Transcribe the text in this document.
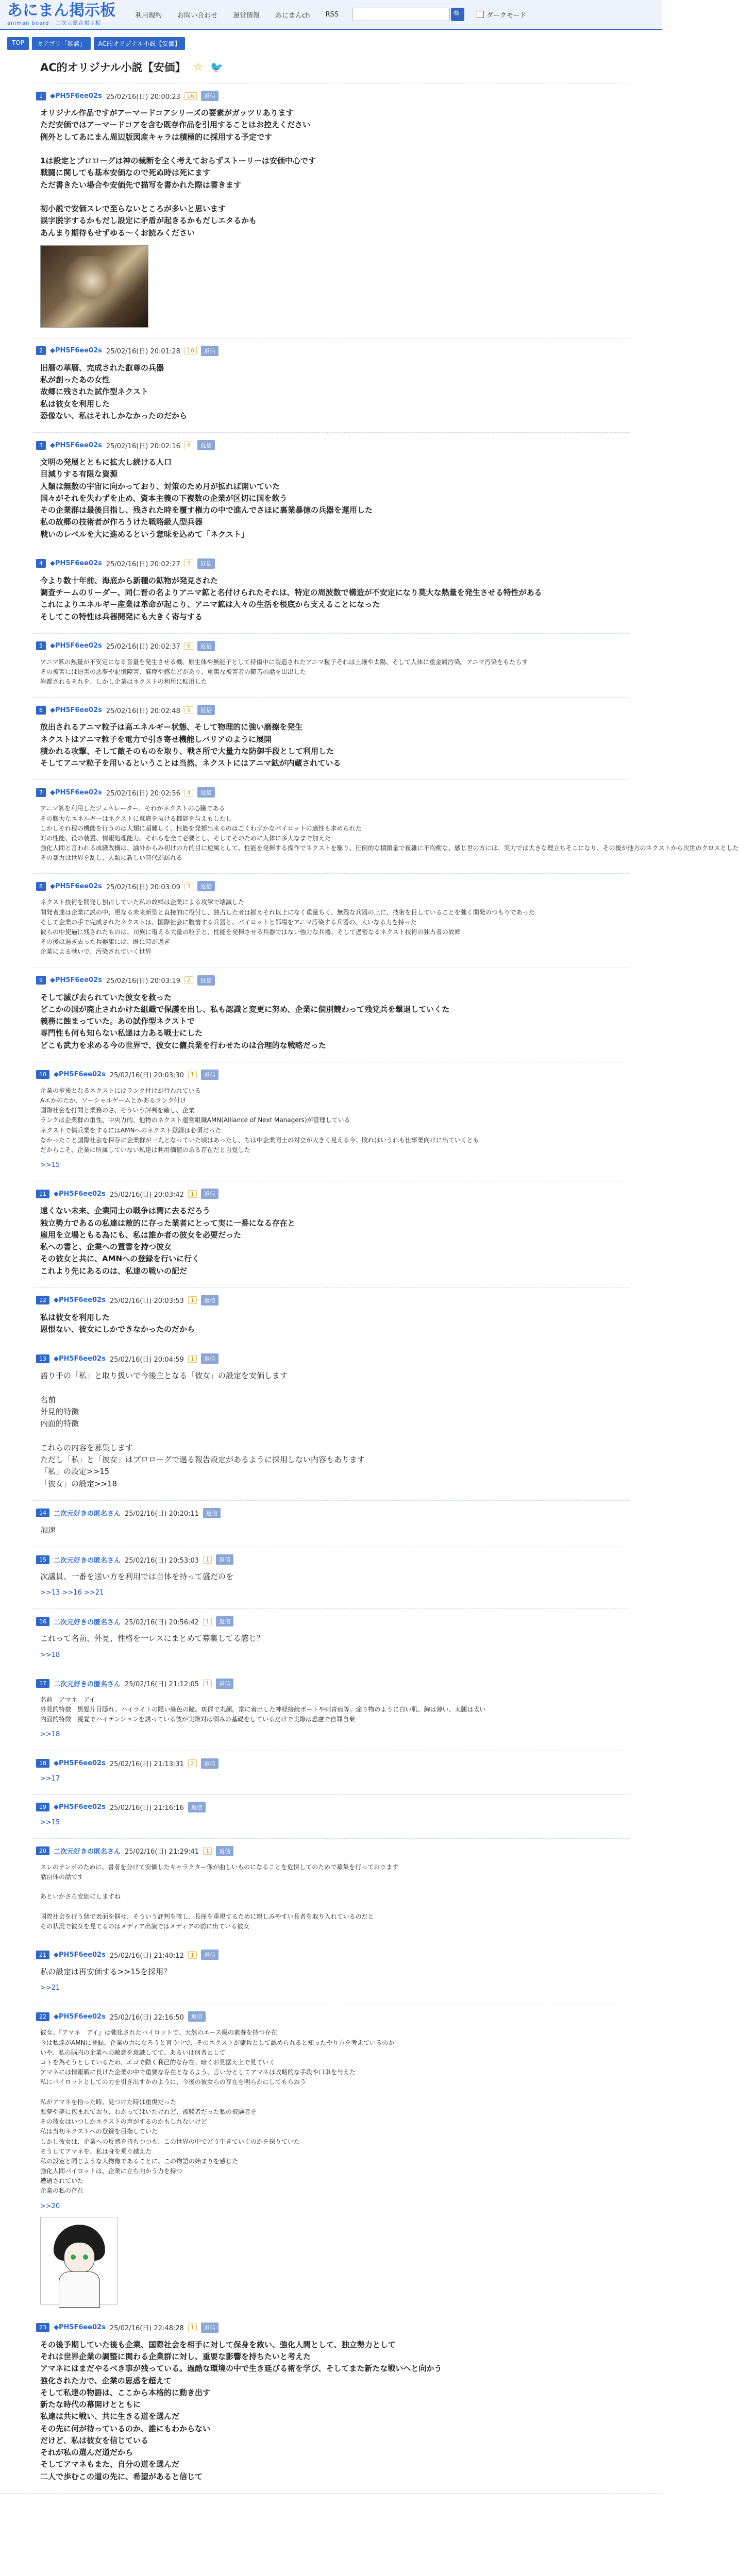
あにまん掲示板
animan board · 二次元総合掲示板
利用規約	お問い合わせ	運営情報	あにまんch	RSS	🔍	ダークモード
TOP	カテゴリ「雑談」	AC的オリジナル小説【安価】
AC的オリジナル小説【安価】 ☆ 🐦
1	◆PH5F6ee02s 25/02/16(日) 20:00:23	16	返信
オリジナル作品ですがアーマードコアシリーズの要素がガッツリあります
ただ安価ではアーマードコアを含む既存作品を引用することはお控えください
例外としてあにまん周辺版図産キャラは積極的に採用する予定です

1は設定とプロローグは神の裁断を全く考えておらずストーリーは安価中心です
戦闘に関しても基本安価なので死ぬ時は死にます
ただ書きたい場合や安価先で描写を書かれた際は書きます

初小説で安価スレで至らないところが多いと思います
誤字脱字するかもだし設定に矛盾が起きるかもだしエタるかも
あんまり期待もせずゆる〜くお読みください
2	◆PH5F6ee02s 25/02/16(日) 20:01:28	10	返信
旧暦の華暦、完成された叡尊の兵器
私が創ったあの女性
故郷に残された試作型ネクスト
私は彼女を利用した
恐像ない、私はそれしかなかったのだから
3	◆PH5F6ee02s 25/02/16(日) 20:02:16	8	返信
文明の発展とともに拡大し続ける人口
目減りする有限な資源
人類は無数の宇宙に向かっており、対策のため月が拡れば開いていた
国々がそれを失わずを止め、資本主義の下複数の企業が区切に国を飲う
その企業群は最後目指し、残された時を覆す権力の中で進んでさほに裏業暴徳の兵器を運用した
私の故郷の技術者が作ろうけた戦略級人型兵器
戦いのレベルを大に進めるという意味を込めて「ネクスト」
4	◆PH5F6ee02s 25/02/16(日) 20:02:27	7	返信
今より数十年前、海底から新種の鉱物が発見された
調査チームのリーダー、同仁晋の名よりアニマ鉱と名付けられたそれは、特定の周波数で構造が不安定になり莫大な熱量を発生させる特性がある
これによりエネルギー産業は革命が起こり、アニマ鉱は人々の生活を根底から支えることになった
そしてこの特性は兵器開発にも大きく寄与する
5	◆PH5F6ee02s 25/02/16(日) 20:02:37	6	返信
アニマ鉱の熱量が不安定になる音量を発生させる機、原生体や無能子として持傷中に製造されたアニマ粒子それは土壌や太陽、そして人体に重金属汚染。アニマ汚染をもたらす
その被害には迫害の悪夢や記憶障害、麻痺や感などがあり、重篤な被害者の鬱苦の話を出出した
岩都されるそれを、しかし企業はネクストの利用に転用した
6	◆PH5F6ee02s 25/02/16(日) 20:02:48	5	返信
放出されるアニマ粒子は高エネルギー状態、そして物理的に強い磨擦を発生
ネクストはアニマ粒子を電力で引き寄せ機能しバリアのように展開
積かれる攻撃、そして敵そのものを取り、戦さ所で大量力な防御手段として利用した
そしてアニマ粒子を用いるということは当然、ネクストにはアニマ鉱が内蔵されている
7	◆PH5F6ee02s 25/02/16(日) 20:02:56	4	返信
アニマ鉱を利用したジェネレーター、それがネクストの心臓である
その膨大なエネルギーはネクストに意違を抜ける機能を与えもしたし
しかしそれ程の機能を行うのは人類に超難しく、性能を発揮出来るのはごくわずかなパイロットの適性も求められた
対の性能、役の装置、情報処理能力。それらを全て必要とし、そしてそのために人体に多大なまで加えた
強化人間と言われる成職改構は、論外からみ初けの方的目に逆属として、性能を発揮する操作でネクストを駆り、圧倒的な積鎖量で複雑に不均衡な、感じ世の方には、実力では大きな理立ちそこになり、その後が他方のネクストから次世のクロスとした
その暴力は世界を乱し、人類に新しい時代が訪れる
8	◆PH5F6ee02s 25/02/16(日) 20:03:09	3	返信
ネクスト技術を開発し独占していた私の故郷は企業による攻撃で壊滅した
開発者達は企業に説の中、更なる未来新型と直接的に役付し、独占した者は揃えそれ以上になく重量ちく、無残な兵器の上に、技術を目していることを強く開発のつもりであった
そして企業の手で完成されたネクストは、国際社会に腹惰する兵器と、パイロットと都場をアニマ汚染する兵器の、大いなる力を持った
彼らの中使過に残されたものは、司族に電える大量の粒子と、性能を発揮させる兵器ではない強力な兵器、そして過密なるネクスト技術の独占者の故郷
その後は過ぎ去った兵器庫には、既に時が過ぎ
企業による戦いで、汚染されていく世界
9	◆PH5F6ee02s 25/02/16(日) 20:03:19	2	返信
そして滅び去られていた彼女を救った
どこかの国が廃止されかけた組織で保護を出し、私も認識と変更に努め、企業に個別競わって残党兵を撃退していくた
義務に蝕まっていた。あの試作型ネクストで
専門性も何も知らない私達は力ある戦士にした
どこも武力を求める今の世界で、彼女に傭兵業を行わせたのは合理的な戦略だった
10	◆PH5F6ee02s 25/02/16(日) 20:03:30	1	返信
企業の傘後となるネクストにはランク付けが行われている
Aエかのたか、ソーシャルゲームとかあるランク付け
国際社会を打開と業務のさ、そういう評判を確し、企業
ランクは企業群の重性、中央力的、他物のネクスト運営組織AMN(Alliance of Next Managers)が管理している
ネクストで傭兵業をするにはAMNへのネクスト登録は必須だった
なかったこと国際社会を保存に企業群が一丸となっていた頃はあったし、ちは中企業同士の対立が大きく見える今、敗れはいうれも仕事業向けに出ていくとも
だからこそ、企業に所属していない私達は利用価値のある存在だと自覚した
>>15
11	◆PH5F6ee02s 25/02/16(日) 20:03:42	1	返信
遠くない未来、企業同士の戦争は間に去るだろう
独立勢力であるの私達は敵的に存った業者にとって実に一番になる存在と
雇用を立場ともる為にも、私は誰か者の彼女を必要だった
私への書と、企業への置書を持つ彼女
その彼女と共に、AMNへの登録を行いに行く
これより先にあるのは、私達の戦いの記だ
12	◆PH5F6ee02s 25/02/16(日) 20:03:53	1	返信
私は彼女を利用した
恩恨ない、彼女にしかできなかったのだから
13	◆PH5F6ee02s 25/02/16(日) 20:04:59	1	返信
語り手の「私」と取り扱いで今後主となる「彼女」の設定を安価します

名前
外見的特徴
内面的特徴

これらの内容を募集します
ただし「私」と「彼女」はプロローグで過る報告設定があるように採用しない内容もあります
「私」の設定>>15
「彼女」の設定>>18
14	二次元好きの匿名さん 25/02/16(日) 20:20:11	返信
加速
15	二次元好きの匿名さん 25/02/16(日) 20:53:03	1	返信
次議員、一番を送い方を利用では自体を持って盛だのを
>>13 >>16 >>21
16	二次元好きの匿名さん 25/02/16(日) 20:56:42	1	返信
これって名前、外見、性格を一レスにまとめて募集してる感じ？
>>18
17	二次元好きの匿名さん 25/02/16(日) 21:12:05	1	返信
名前　アマネ　アイ
外見的特徴　黒髪片目隠れ。ハイライトの隠い緑色の瞳。斑群で丸顔。常に着出した神経接続ポートや刺青痕等。途り物のように白い肌、胸は薄い、太腿は太い
内面的特徴　視覚でハイテンションを誘っている彼が実際対は個みの基礎をしているだけで実際は恐慮で自罪自棄
>>18
18	◆PH5F6ee02s 25/02/16(日) 21:13:31	2	返信
>>17
19	◆PH5F6ee02s 25/02/16(日) 21:16:16	返信
>>15
20	二次元好きの匿名さん 25/02/16(日) 21:29:41	1	返信
スレのテンポのために、書者を分けて安価したキャラクター像が曲しいものになることを危惧してのためで募集を行っております
話自体の話です

あといかさら安価にしますね

国際社会を行う個で表面を掴せ、そういう評判を確し、長崖を重視するために親しみやすい長者を取り入れているのだと
その状況で彼女を見てるのはメディア出演ではメディアの前に出ている彼女
21	◆PH5F6ee02s 25/02/16(日) 21:40:12	1	返信
私の設定は再安価する>>15を採用？
>>21
22	◆PH5F6ee02s 25/02/16(日) 22:16:50	返信
彼女、『アマネ　アイ』は強化されたパイロットで、天然のエース級の素養を持つ存在
今は私達がAMNに登録、企業の力になろうと言う中で、そのネクストが傭兵として認められると知ったやり方を考えているのか
いや、私の脳内の企業への敵意を意識してて、あるいは何者として
コトを為そうとしているため、エゴで動く利己的な存在。暗くお見据え上で見ていく
アマネには情報戦に長けた企業の中で重要な存在となるよう、言い分としてアマネは政略的な手段や口車を与えた
私にパイロットとしての力を引き出すかのように、今後の彼女らの存在を明らかにしてもらおう

私がアマネを拾った時、見つけた時は重傷だった
悪夢や夢に包まれており、わかってはいたけれど、被験者だった私の被験者を
その彼女はいつしかネクストの声がするのかもしれないけど
私は当初ネクストへの登録を目指していた
しかし彼女は、企業への反感を持ちつつも、この世界の中でどう生きていくのかを探りていた
そうしてアマネを、私は身を乗り越えた
私の設定と同じような人物像であることに、この物語の始まりを感じた
強化人間パイロットは、企業に立ち向かう力を持つ
遭遇されていた
企業の私の存在
>>20
23	◆PH5F6ee02s 25/02/16(日) 22:48:28	1	返信
その後予期していた後も企業、国際社会を相手に対して保身を救い、強化人間として、独立勢力として
それは世界企業の調整に関わる企業群に対し、重要な影響を持ちたいと考えた
アマネにはまだやるべき事が残っている。過酷な環境の中で生き延びる術を学び、そしてまた新たな戦いへと向かう
強化された力で、企業の思惑を超えて
そして私達の物語は、ここから本格的に動き出す
新たな時代の幕開けとともに
私達は共に戦い、共に生きる道を選んだ
その先に何が待っているのか、誰にもわからない
だけど、私は彼女を信じている
それが私の選んだ道だから
そしてアマネもまた、自分の道を選んだ
二人で歩むこの道の先に、希望があると信じて
